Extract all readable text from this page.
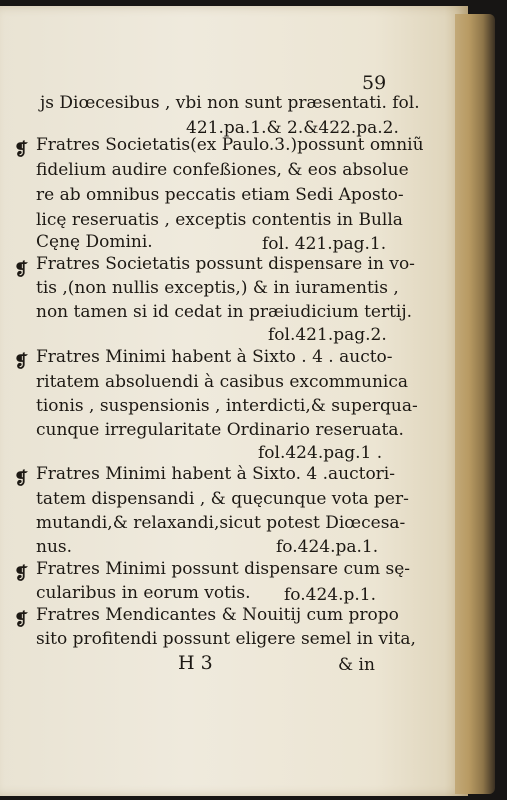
59
js Diœcesibus , vbi non sunt præsentati. fol.
421.pa.1.& 2.&422.pa.2.
❡ Fratres Societatis(ex Paulo.3.)possunt omniũ
fidelium audire confeßiones, & eos absolue
re ab omnibus peccatis etiam Sedi Aposto-
licę reseruatis , exceptis contentis in Bulla
Cęnę Domini.	fol. 421.pag.1.
❡ Fratres Societatis possunt dispensare in vo-
tis ,(non nullis exceptis,) & in iuramentis ,
non tamen si id cedat in præiudicium tertij.
fol.421.pag.2.
❡ Fratres Minimi habent à Sixto . 4 . aucto-
ritatem absoluendi à casibus excommunica
tionis , suspensionis , interdicti,& superqua-
cunque irregularitate Ordinario reseruata.
fol.424.pag.1 .
❡ Fratres Minimi habent à Sixto. 4 .auctori-
tatem dispensandi , & quęcunque vota per-
mutandi,& relaxandi,sicut potest Diœcesa-
nus.	fo.424.pa.1.
❡ Fratres Minimi possunt dispensare cum sę-
cularibus in eorum votis. fo.424.p.1.
❡ Fratres Mendicantes & Nouitij cum propo
sito profitendi possunt eligere semel in vita,
H 3	& in
